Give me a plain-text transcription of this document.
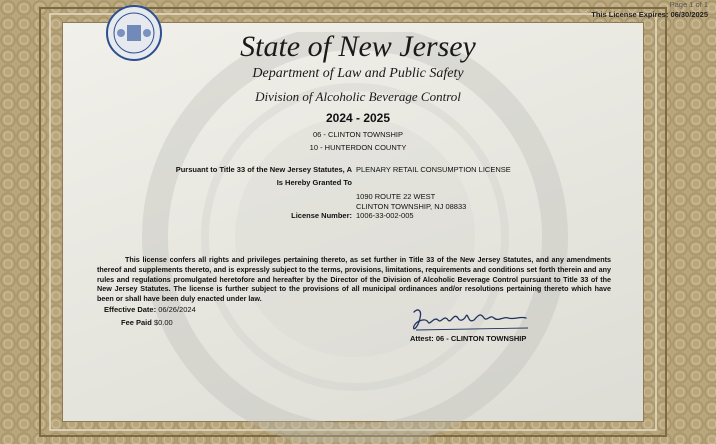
Page 1 of 1
This License Expires: 06/30/2025
State of New Jersey
Department of Law and Public Safety
Division of Alcoholic Beverage Control
2024 - 2025
06 - CLINTON TOWNSHIP
10 - HUNTERDON COUNTY
Pursuant to Title 33 of the New Jersey Statutes, A PLENARY RETAIL CONSUMPTION LICENSE
Is Hereby Granted To
1090 ROUTE 22 WEST
CLINTON TOWNSHIP, NJ 08833
License Number: 1006-33-002-005
This license confers all rights and privileges pertaining thereto, as set further in Title 33 of the New Jersey Statutes, and any amendments thereof and supplements thereto, and is expressly subject to the terms, provisions, limitations, requirements and conditions set forth therein and any rules and regulations promulgated heretofore and hereafter by the Director of the Division of Alcoholic Beverage Control pursuant to Title 33 of the New Jersey Statutes. The license is further subject to the provisions of all municipal ordinances and/or resolutions pertaining thereto which have been or shall have been duly enacted under law.
Effective Date: 06/26/2024
Fee Paid $0.00
Attest: 06 - CLINTON TOWNSHIP
